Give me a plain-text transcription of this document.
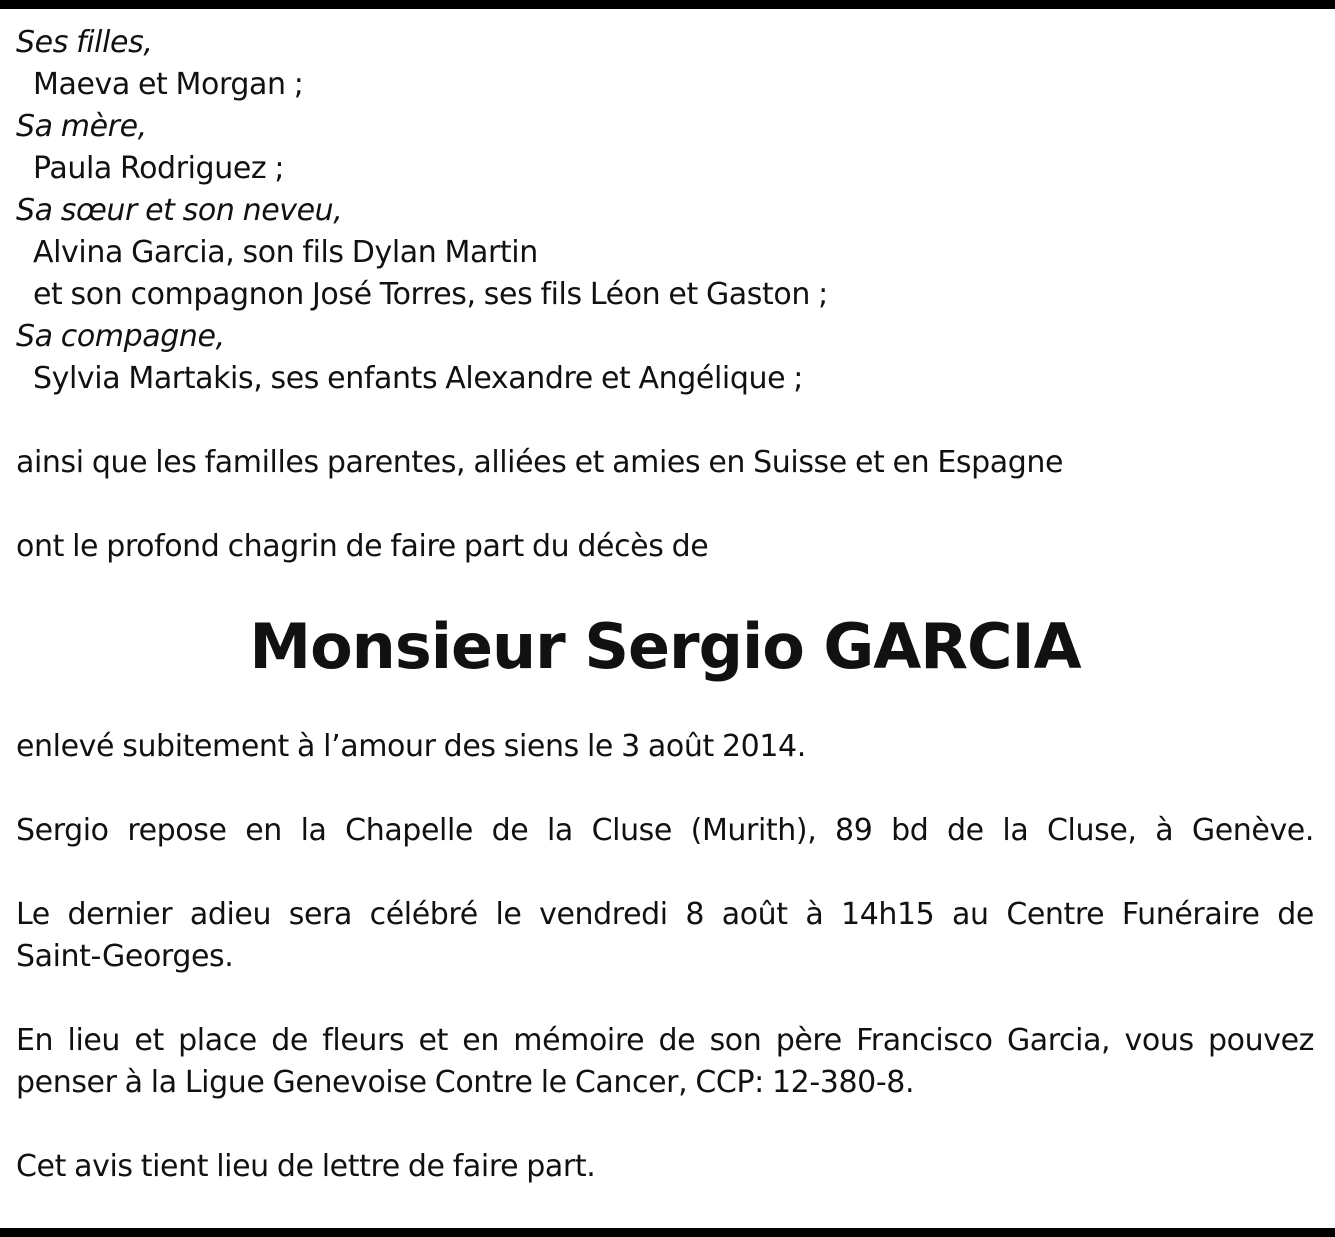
Ses filles,
Maeva et Morgan ;
Sa mère,
Paula Rodriguez ;
Sa sœur et son neveu,
Alvina Garcia, son fils Dylan Martin
et son compagnon José Torres, ses fils Léon et Gaston ;
Sa compagne,
Sylvia Martakis, ses enfants Alexandre et Angélique ;
ainsi que les familles parentes, alliées et amies en Suisse et en Espagne
ont le profond chagrin de faire part du décès de
Monsieur Sergio GARCIA
enlevé subitement à l’amour des siens le 3 août 2014.
Sergio repose en la Chapelle de la Cluse (Murith), 89 bd de la Cluse, à Genève.
Le dernier adieu sera célébré le vendredi 8 août à 14h15 au Centre Funéraire de
Saint-Georges.
En lieu et place de fleurs et en mémoire de son père Francisco Garcia, vous pouvez
penser à la Ligue Genevoise Contre le Cancer, CCP: 12-380-8.
Cet avis tient lieu de lettre de faire part.
